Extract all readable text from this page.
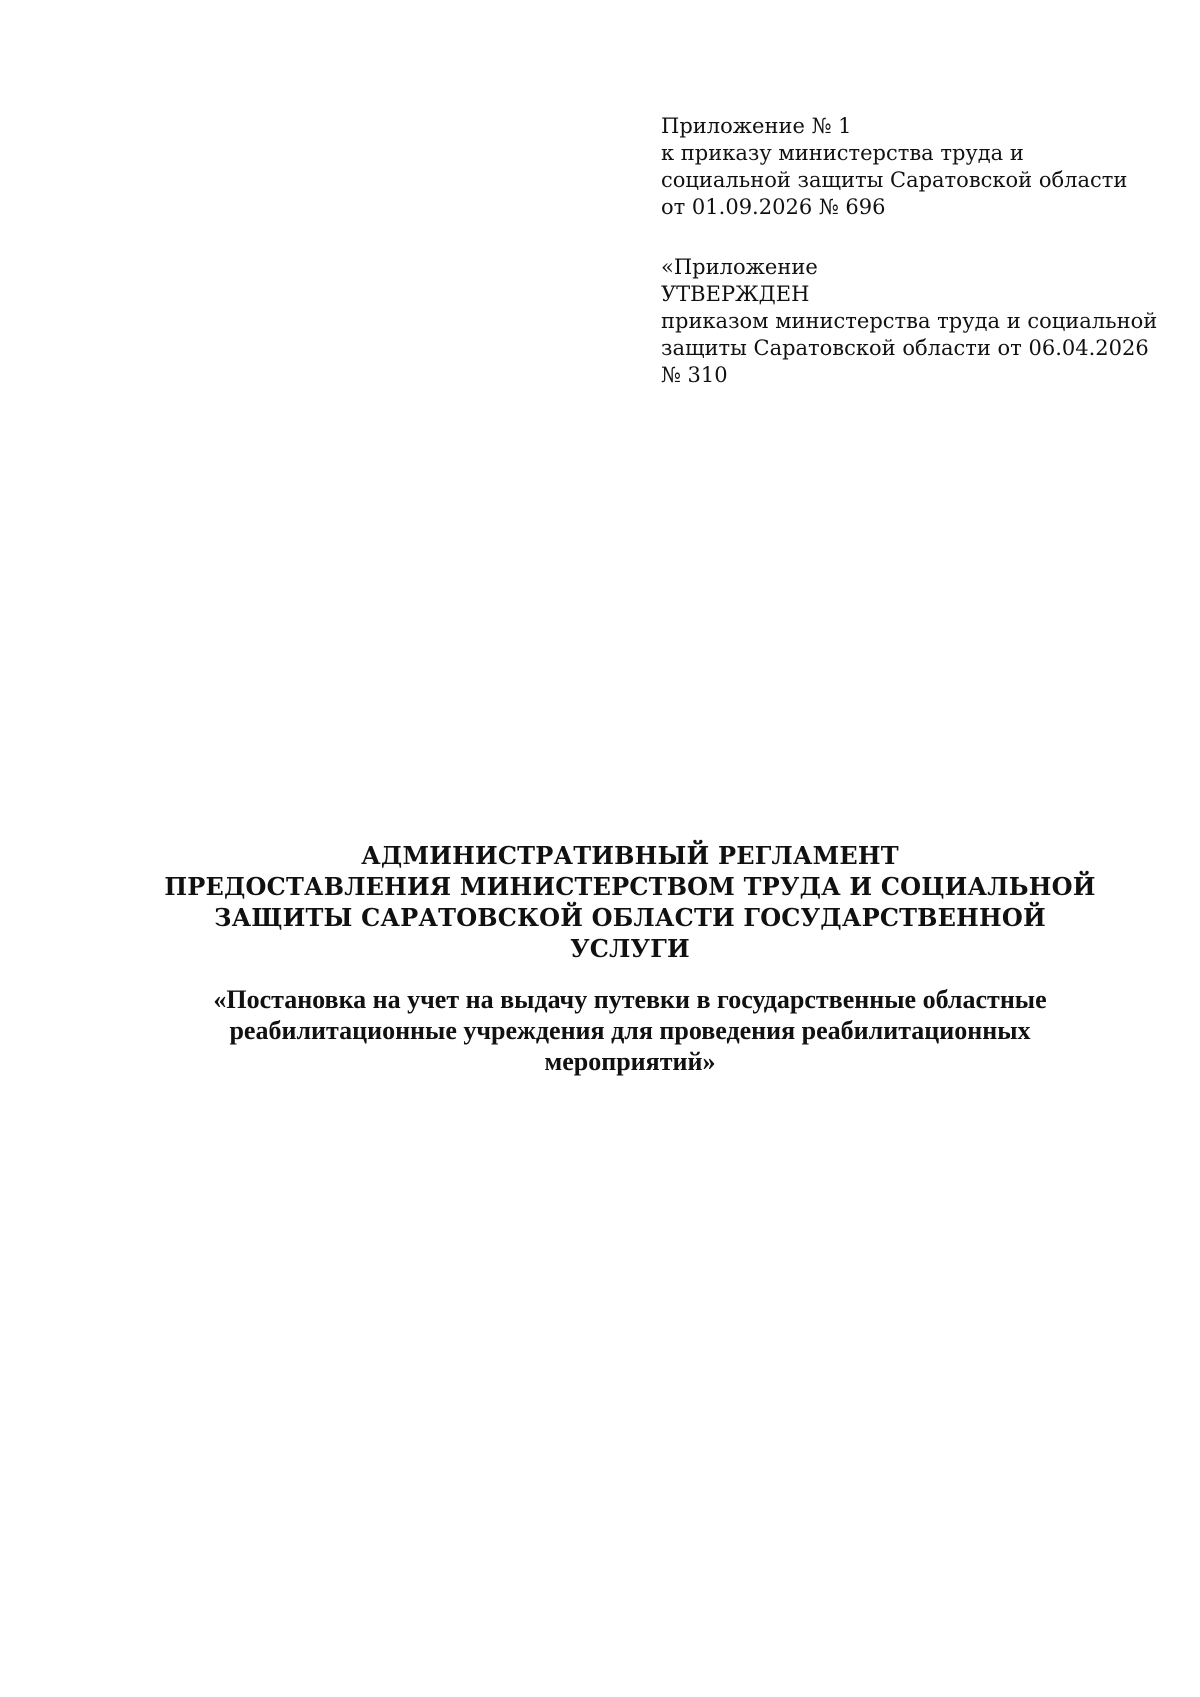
Приложение № 1
к приказу министерства труда и
социальной защиты Саратовской области
от 01.09.2026 № 696
«Приложение
УТВЕРЖДЕН
приказом министерства труда и социальной
защиты Саратовской области от 06.04.2026
№ 310
АДМИНИСТРАТИВНЫЙ РЕГЛАМЕНТ
ПРЕДОСТАВЛЕНИЯ МИНИСТЕРСТВОМ ТРУДА И СОЦИАЛЬНОЙ
ЗАЩИТЫ САРАТОВСКОЙ ОБЛАСТИ ГОСУДАРСТВЕННОЙ
УСЛУГИ
«Постановка на учет на выдачу путевки в государственные областные
реабилитационные учреждения для проведения реабилитационных
мероприятий»
